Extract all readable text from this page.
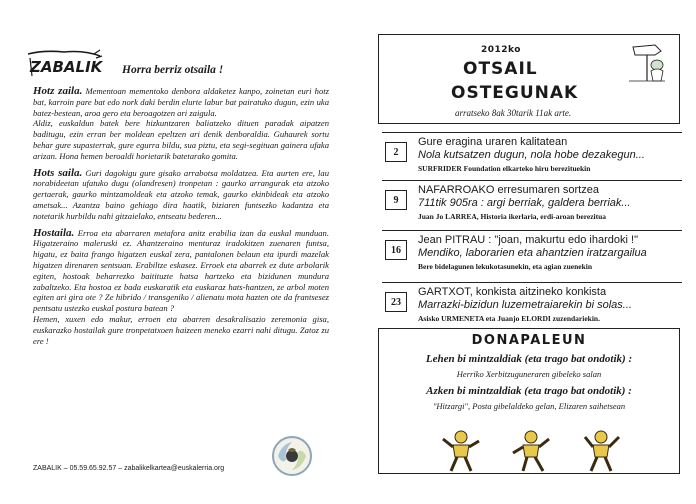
ZABALIK Horra berriz otsaila !

Hotz zaila. Mementoan mementoko denbora aldaketez kanpo, zoinetan euri hotz bat, karroin pare bat edo nork daki berdin elurte labur bat pairatuko dugun, ezin uka batez-bestean, aroa gero eta beroagotzen ari zaigula.

Aldiz, euskaldun batek bere hizkuntzaren baliatzeko dituen paradak aipatzen baditugu, ezin erran ber moldean epeltzen ari denik denboraldia. Guhaurek sortu behar gure supasterrak, gure egurra bildu, sua piztu, eta segi-segituan gainera ufaka arizan. Hona hemen beroaldi horietarik batetarako gomita.

Hots saila. Guri dagokigu gure gisako arrabotsa moldatzea. Eta aurten ere, lau norabideetan ufatuko dugu (olandresen) tronpetan : gaurko arrangurak eta atzoko gertaerak, gaurko mintzamoldeak eta atzoko temak, gaurko ekinbideak eta atzoko ametsak... Azantza baino gehiago dira haatik, biziaren funtsezko kadantza eta notetarik hurbildu nahi gitzaielako, entseatu bederen...

Hostaila. Erroa eta abarraren metafora anitz erabilia izan da euskal munduan. Higatzeraino maleruski ez. Ahantzeraino menturaz iradokitzen zuenaren funtsa, higatu, ez baita frango higatzen euskal zera, pantalonen belaun eta ipurdi mazelak higatzen direnaren sentsuan. Erabiltze eskasez. Erroek eta abarrek ez dute arbolarik egiten, hostoak beharrezko baitituzte hatsa hartzeko eta bizidunen mundura zabaltzeko. Eta hostoa ez bada euskaratik eta euskaraz hats-hantzen, ze arbol moten egiten ari gira ote ? Ze hibrido / transgeniko / alienatu mota hazten ote da frantsesez pentsatu ustezko euskal postura batean ?

Hemen, xuxen edo makur, erroen eta abarren desakralisazio zeremonia gisa, euskarazko hostailak gure tronpetatxoen haizeen meneko ezarri nahi ditugu. Zatoz zu ere !

ZABALIK – 05.59.65.92.57 – zabalikelkartea@euskalerria.org
2012ko
OTSAIL
OSTEGUNAK
arratseko 8ak 30tarik 11ak arte.
2
Gure eragina uraren kalitatean
Nola kutsatzen dugun, nola hobe dezakegun...
SURFRIDER Foundation elkarteko hiru berezituekin
9
NAFARROAKO erresumaren sortzea
711tik 905ra : argi berriak, galdera berriak...
Juan Jo LARREA, Historia ikerlaria, erdi-aroan berezitua
16
Jean PITRAU : "joan, makurtu edo ihardoki !"
Mendiko, laborarien eta ahantzien iratzargailua
Bere bidelagunen lekukotasunekin, eta agian zuenekin
23
GARTXOT, konkista aitzineko konkista
Marrazki-bizidun luzemetraiarekin bi solas...
Asisko URMENETA eta Juanjo ELORDI zuzendariekin.
DONAPALEUN
Lehen bi mintzaldiak (eta trago bat ondotik) :
Herriko Xerbitzuguneraren gibeleko salan
Azken bi mintzaldiak (eta trago bat ondotik) :
"Hitzargi", Posta gibelaldeko gelan, Elizaren saihetsean
